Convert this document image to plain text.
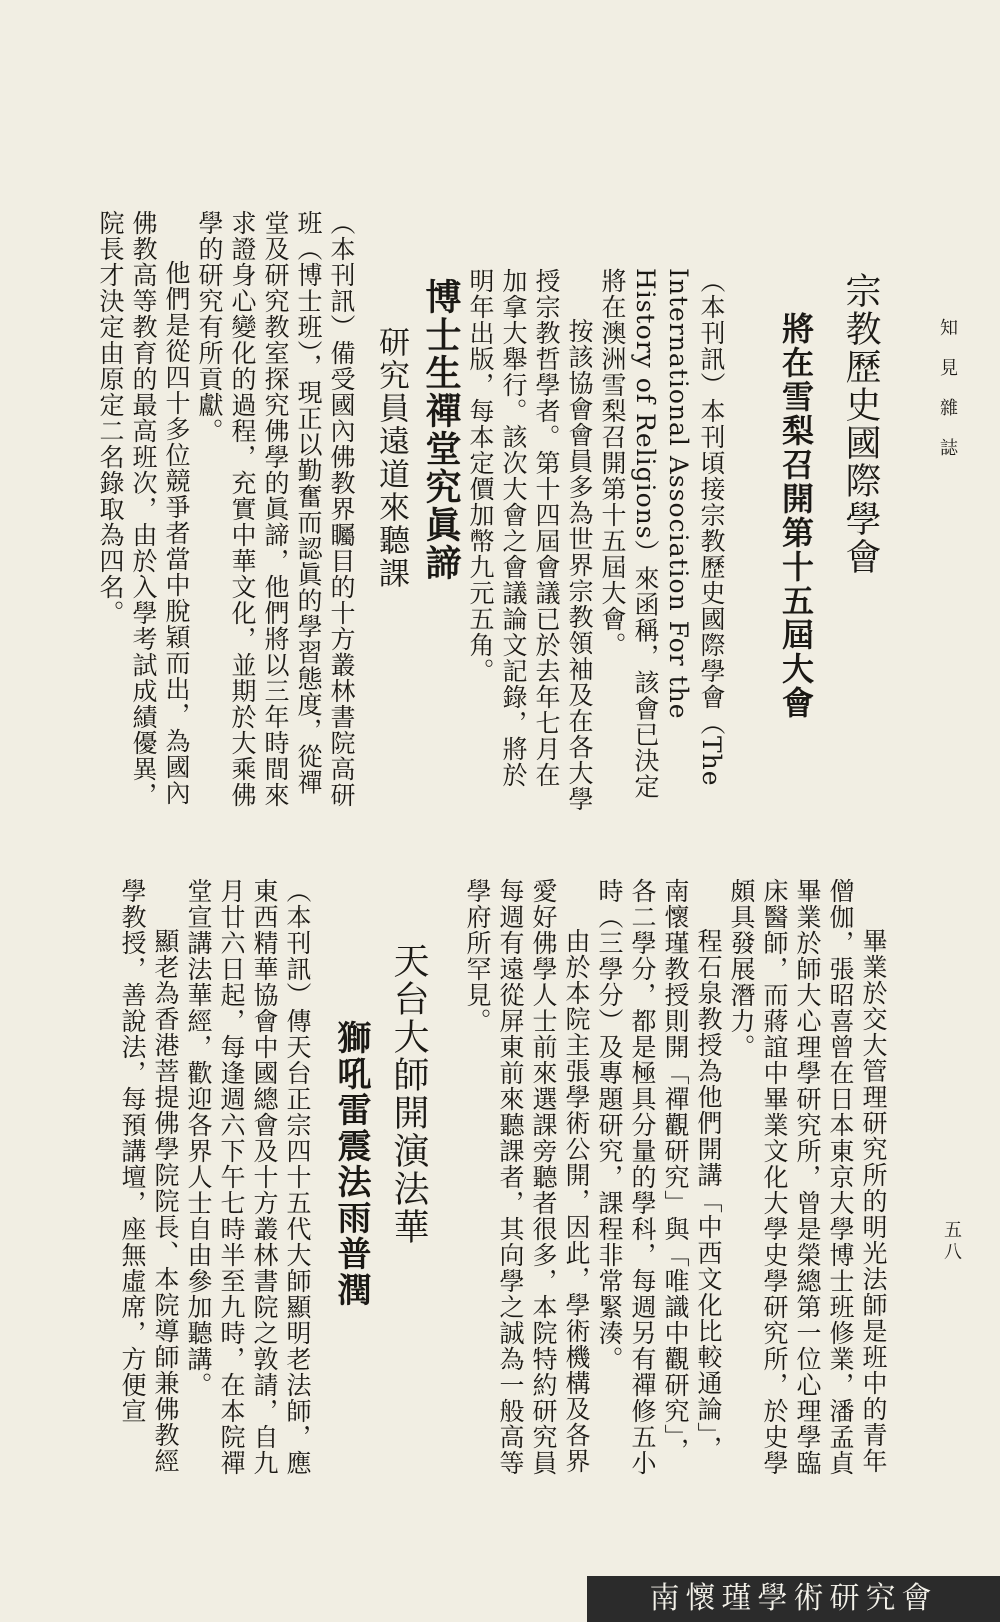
知見雜誌
宗教歷史國際學會
將在雪梨召開第十五屆大會

（本刊訊）本刊頃接宗教歷史國際學會（The International Association For the History of Religions）來函稱，該會已決定將在澳洲雪梨召開第十五屆大會。

按該協會會員多為世界宗教領袖及在各大學授宗教哲學者。第十四屆會議已於去年七月在加拿大舉行。該次大會之會議論文記錄，將於明年出版，每本定價加幣九元五角。

博士生禪堂究眞諦
研究員遠道來聽課

（本刊訊）備受國內佛教界矚目的十方叢林書院高研班（博士班），現正以勤奮而認眞的學習態度，從禪堂及研究教室探究佛學的眞諦，他們將以三年時間來求證身心變化的過程，充實中華文化，並期於大乘佛學的研究有所貢獻。

他們是從四十多位競爭者當中脫穎而出，為國內佛教高等教育的最高班次，由於入學考試成績優異，院長才決定由原定二名錄取為四名。

畢業於交大管理研究所的明光法師是班中的青年僧伽，張昭喜曾在日本東京大學博士班修業，潘孟貞畢業於師大心理學研究所，曾是榮總第一位心理學臨床醫師，而蔣誼中畢業文化大學史學研究所，於史學頗具發展潛力。

程石泉教授為他們開講「中西文化比較通論」，南懷瑾教授則開「禪觀研究」與「唯識中觀研究」，各二學分，都是極具分量的學科，每週另有禪修五小時（三學分）及專題研究，課程非常緊湊。

由於本院主張學術公開，因此，學術機構及各界愛好佛學人士前來選課旁聽者很多，本院特約研究員每週有遠從屏東前來聽課者，其向學之誠為一般高等學府所罕見。

天台大師開演法華
獅吼雷震法雨普潤

（本刊訊）傳天台正宗四十五代大師顯明老法師，應東西精華協會中國總會及十方叢林書院之敦請，自九月廿六日起，每逢週六下午七時半至九時，在本院禪堂宣講法華經，歡迎各界人士自由參加聽講。

顯老為香港菩提佛學院院長、本院導師兼佛教經學教授，善說法，每預講壇，座無虛席，方便宣	五八
南懷瑾學術研究會
